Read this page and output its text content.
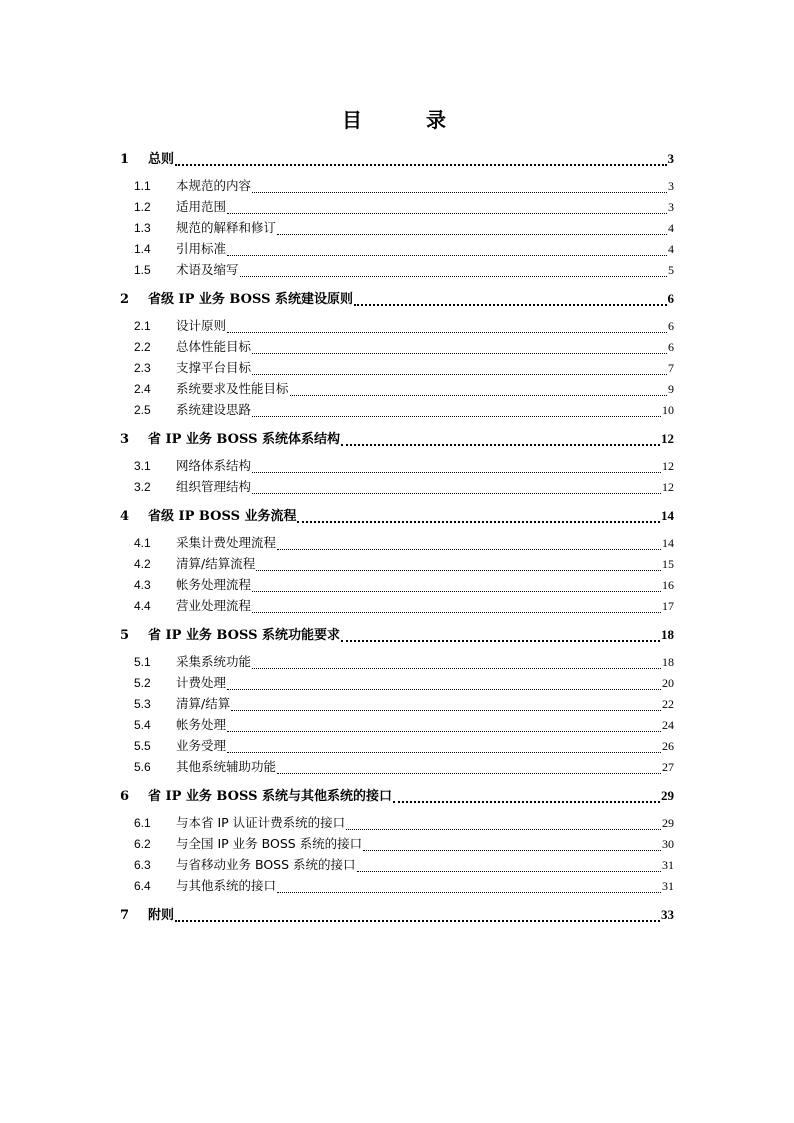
目　录
1	总则	3
1.1	本规范的内容	3
1.2	适用范围	3
1.3	规范的解释和修订	4
1.4	引用标准	4
1.5	术语及缩写	5
2	省级 IP 业务 BOSS 系统建设原则	6
2.1	设计原则	6
2.2	总体性能目标	6
2.3	支撑平台目标	7
2.4	系统要求及性能目标	9
2.5	系统建设思路	10
3	省 IP 业务 BOSS 系统体系结构	12
3.1	网络体系结构	12
3.2	组织管理结构	12
4	省级 IP BOSS 业务流程	14
4.1	采集计费处理流程	14
4.2	清算/结算流程	15
4.3	帐务处理流程	16
4.4	营业处理流程	17
5	省 IP 业务 BOSS 系统功能要求	18
5.1	采集系统功能	18
5.2	计费处理	20
5.3	清算/结算	22
5.4	帐务处理	24
5.5	业务受理	26
5.6	其他系统辅助功能	27
6	省 IP 业务 BOSS 系统与其他系统的接口	29
6.1	与本省 IP 认证计费系统的接口	29
6.2	与全国 IP 业务 BOSS 系统的接口	30
6.3	与省移动业务 BOSS 系统的接口	31
6.4	与其他系统的接口	31
7	附则	33
